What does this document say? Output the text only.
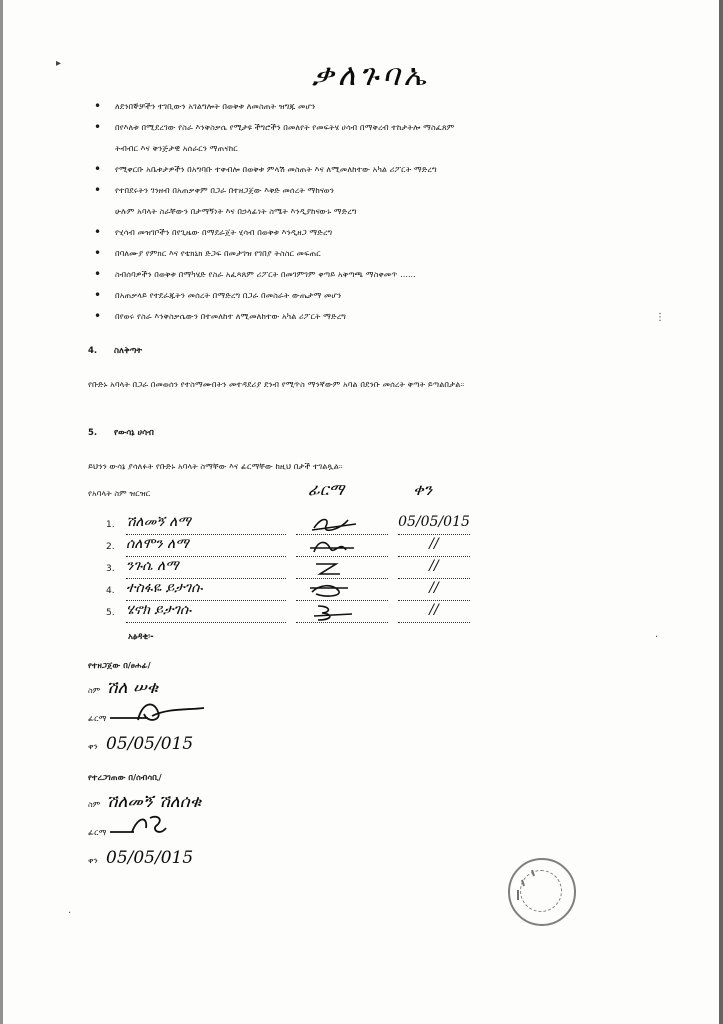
ቃለጉባኤ
• ለደንበኞቻችን ተገቢውን አገልግሎት በወቅቱ ለመስጠት ዝግጁ መሆን
• በየእለቱ በሚደረገው የስራ እንቅስቃሴ የሚታዩ ችግሮችን በመለየት የመፍትሄ ሀሳብ በማቅረብ ተከታትሎ ማስፈጸም
ትብብር እና ቅንጅታዊ አሰራርን ማጠናከር
• የሚቀርቡ አቤቱታዎችን በአግባቡ ተቀብሎ በወቅቱ ምላሽ መስጠት እና ለሚመለከተው አካል ሪፖርት ማድረግ
• የተበደሩትን ገንዘብ በአጠቃቀም በጋራ በተዘጋጀው እቅድ መሰረት ማከናወን
ሁሉም አባላት ስራቸውን በታማኝነት እና በኃላፊነት ስሜት እንዲያከናውኑ ማድረግ
• የሂሳብ መዝገቦችን በየጊዜው በማደራጀት ሂሳብ በወቅቱ እንዲዘጋ ማድረግ
• በባለሙያ የምክር እና የቴክኒክ ድጋፍ በመታገዝ የገበያ ትስስር መፍጠር
• ስብሰባዎችን በወቅቱ በማካሄድ የስራ አፈጻጸም ሪፖርት በመገምገም ቀጣይ አቅጣጫ ማስቀመጥ ......
• በአጠቃላይ የተደራጁትን መሰረት በማድረግ በጋራ በመስራት ውጤታማ መሆን
• በየወሩ የስራ እንቅስቃሴውን በተመለከተ ለሚመለከተው አካል ሪፖርት ማድረግ
4. ስለቅጣት
የቡድኑ አባላት በጋራ በመወሰን የተስማሙበትን መተዳደሪያ ደንብ የሚጥስ ማንኛውም አባል በደንቡ መሰረት ቅጣት ይጣልበታል።
5. የውሳኔ ሀሳብ
ይህንን ውሳኔ ያሳለፉት የቡድኑ አባላት ስማቸው እና ፊርማቸው ከዚህ በታች ተገልጿል።
የአባላት ስም ዝርዝር	ፊርማ	ቀን
1. ሽለመኝ ለማ	05/05/015
2. ሰለሞን ለማ	//
3. ንጉሴ ለማ	//
4. ተስፋዬ ይታገሱ	//
5. ሄኖክ ይታገሱ	//
አፅዳቂ፡-
የተዘጋጀው በ/ፀሐፊ/
ስም ሽለ ሠቁ
ፊርማ
ቀን 05/05/015
የተረጋገጠው በ/ሰብሳቢ/
ስም ሽለመኝ ሽለሰቁ
ፊርማ
ቀን 05/05/015
▸
⋮
·
·
